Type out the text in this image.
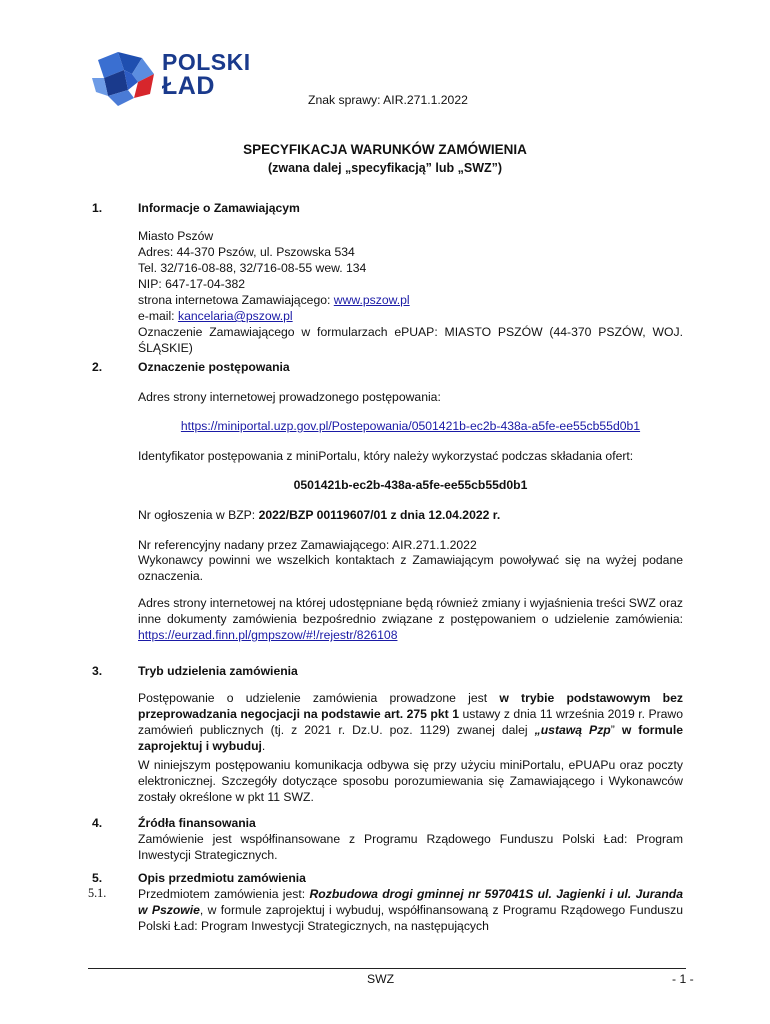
POLSKI
ŁAD	Znak sprawy: AIR.271.1.2022
SPECYFIKACJA WARUNKÓW ZAMÓWIENIA
(zwana dalej „specyfikacją” lub „SWZ”)
1.	Informacje o Zamawiającym
Miasto Pszów
Adres: 44-370 Pszów, ul. Pszowska 534
Tel. 32/716-08-88, 32/716-08-55 wew. 134
NIP: 647-17-04-382
strona internetowa Zamawiającego: www.pszow.pl
e-mail: kancelaria@pszow.pl
Oznaczenie Zamawiającego w formularzach ePUAP: MIASTO PSZÓW (44-370 PSZÓW, WOJ. ŚLĄSKIE)
2.	Oznaczenie postępowania
Adres strony internetowej prowadzonego postępowania:
https://miniportal.uzp.gov.pl/Postepowania/0501421b-ec2b-438a-a5fe-ee55cb55d0b1
Identyfikator postępowania z miniPortalu, który należy wykorzystać podczas składania ofert:
0501421b-ec2b-438a-a5fe-ee55cb55d0b1
Nr ogłoszenia w BZP: 2022/BZP 00119607/01 z dnia 12.04.2022 r.
Nr referencyjny nadany przez Zamawiającego: AIR.271.1.2022
Wykonawcy powinni we wszelkich kontaktach z Zamawiającym powoływać się na wyżej podane oznaczenia.
Adres strony internetowej na której udostępniane będą również zmiany i wyjaśnienia treści SWZ oraz inne dokumenty zamówienia bezpośrednio związane z postępowaniem o udzielenie zamówienia: https://eurzad.finn.pl/gmpszow/#!/rejestr/826108
3.	Tryb udzielenia zamówienia
Postępowanie o udzielenie zamówienia prowadzone jest w trybie podstawowym bez przeprowadzania negocjacji na podstawie art. 275 pkt 1 ustawy z dnia 11 września 2019 r. Prawo zamówień publicznych (tj. z 2021 r. Dz.U. poz. 1129) zwanej dalej „ustawą Pzp” w formule zaprojektuj i wybuduj.
W niniejszym postępowaniu komunikacja odbywa się przy użyciu miniPortalu, ePUAPu oraz poczty elektronicznej. Szczegóły dotyczące sposobu porozumiewania się Zamawiającego i Wykonawców zostały określone w pkt 11 SWZ.
4.	Źródła finansowania
Zamówienie jest współfinansowane z Programu Rządowego Funduszu Polski Ład: Program Inwestycji Strategicznych.
5.	Opis przedmiotu zamówienia
5.1.	Przedmiotem zamówienia jest: Rozbudowa drogi gminnej nr 597041S ul. Jagienki i ul. Juranda w Pszowie, w formule zaprojektuj i wybuduj, współfinansowaną z Programu Rządowego Funduszu Polski Ład: Program Inwestycji Strategicznych, na następujących
SWZ	- 1 -
